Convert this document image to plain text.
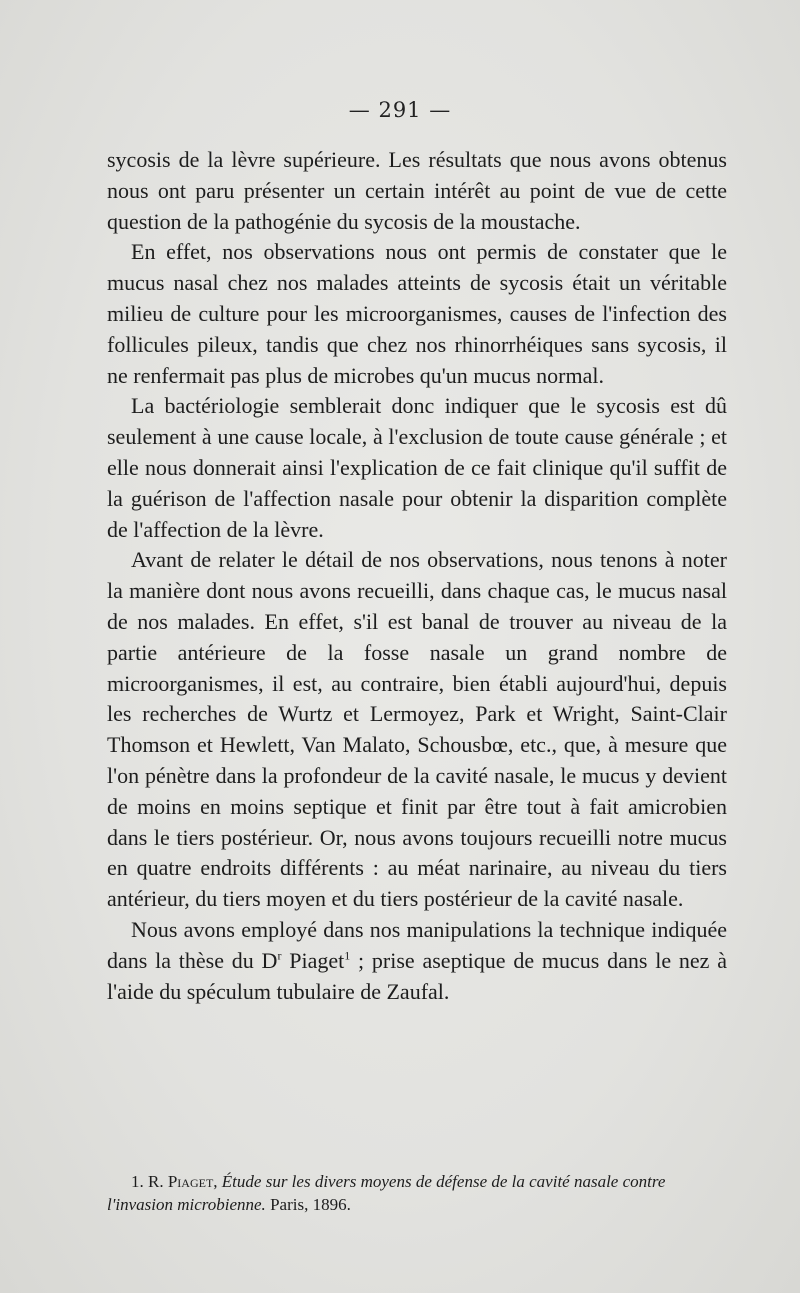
— 291 —

sycosis de la lèvre supérieure. Les résultats que nous avons obtenus nous ont paru présenter un certain intérêt au point de vue de cette question de la pathogénie du sycosis de la moustache.

En effet, nos observations nous ont permis de constater que le mucus nasal chez nos malades atteints de sycosis était un véritable milieu de culture pour les microorganismes, causes de l'infection des follicules pileux, tandis que chez nos rhinorrhéiques sans sycosis, il ne renfermait pas plus de microbes qu'un mucus normal.

La bactériologie semblerait donc indiquer que le sycosis est dû seulement à une cause locale, à l'exclusion de toute cause générale ; et elle nous donnerait ainsi l'explication de ce fait clinique qu'il suffit de la guérison de l'affection nasale pour obtenir la disparition complète de l'affection de la lèvre.

Avant de relater le détail de nos observations, nous tenons à noter la manière dont nous avons recueilli, dans chaque cas, le mucus nasal de nos malades. En effet, s'il est banal de trouver au niveau de la partie antérieure de la fosse nasale un grand nombre de microorganismes, il est, au contraire, bien établi aujourd'hui, depuis les recherches de Wurtz et Lermoyez, Park et Wright, Saint-Clair Thomson et Hewlett, Van Malato, Schousbœ, etc., que, à mesure que l'on pénètre dans la profondeur de la cavité nasale, le mucus y devient de moins en moins septique et finit par être tout à fait amicrobien dans le tiers postérieur. Or, nous avons toujours recueilli notre mucus en quatre endroits différents : au méat narinaire, au niveau du tiers antérieur, du tiers moyen et du tiers postérieur de la cavité nasale.

Nous avons employé dans nos manipulations la technique indiquée dans la thèse du $D^r$ Piaget$^1$ ; prise aseptique de mucus dans le nez à l'aide du spéculum tubulaire de Zaufal.

1. R. Piaget, Étude sur les divers moyens de défense de la cavité nasale contre l'invasion microbienne. Paris, 1896.
